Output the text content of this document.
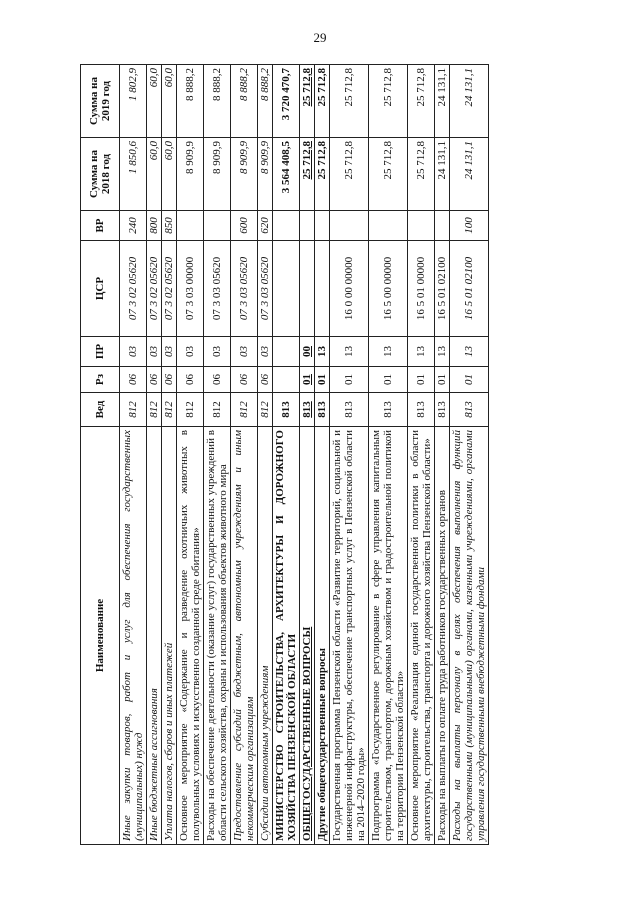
29
Наименование	Вед	Рз	ПР	ЦСР	ВР	Сумма на 2018 год	Сумма на 2019 год
Иные закупки товаров, работ и услуг для обеспечения государственных (муниципальных) нужд	812	06	03	07 3 02 05620	240	1 850,6	1 802,9
Иные бюджетные ассигнования	812	06	03	07 3 02 05620	800	60,0	60,0
Уплата налогов, сборов и иных платежей	812	06	03	07 3 02 05620	850	60,0	60,0
Основное мероприятие «Содержание и разведение охотничьих животных в полувольных условиях и искусственно созданной среде обитания»	812	06	03	07 3 03 00000		8 909,9	8 888,2
Расходы на обеспечение деятельности (оказание услуг) государственных учреждений в области сельского хозяйства, охраны и использования объектов животного мира	812	06	03	07 3 03 05620		8 909,9	8 888,2
Предоставление субсидий бюджетным, автономным учреждениям и иным некоммерческим организациям	812	06	03	07 3 03 05620	600	8 909,9	8 888,2
Субсидии автономным учреждениям	812	06	03	07 3 03 05620	620	8 909,9	8 888,2
МИНИСТЕРСТВО СТРОИТЕЛЬСТВА, АРХИТЕКТУРЫ И ДОРОЖНОГО ХОЗЯЙСТВА ПЕНЗЕНСКОЙ ОБЛАСТИ	813					3 564 408,5	3 720 470,7
ОБЩЕГОСУДАРСТВЕННЫЕ ВОПРОСЫ	813	01	00			25 712,8	25 712,8
Другие общегосударственные вопросы	813	01	13			25 712,8	25 712,8
Государственная программа Пензенской области «Развитие территорий, социальной и инженерной инфраструктуры, обеспечение транспортных услуг в Пензенской области на 2014–2020 годы»	813	01	13	16 0 00 00000		25 712,8	25 712,8
Подпрограмма «Государственное регулирование в сфере управления капитальным строительством, транспортом, дорожным хозяйством и градостроительной политикой на территории Пензенской области»	813	01	13	16 5 00 00000		25 712,8	25 712,8
Основное мероприятие «Реализация единой государственной политики в области архитектуры, строительства, транспорта и дорожного хозяйства Пензенской области»	813	01	13	16 5 01 00000		25 712,8	25 712,8
Расходы на выплаты по оплате труда работников государственных органов	813	01	13	16 5 01 02100		24 131,1	24 131,1
Расходы на выплаты персоналу в целях обеспечения выполнения функций государственными (муниципальными) органами, казенными учреждениями, органами управления государственными внебюджетными фондами	813	01	13	16 5 01 02100	100	24 131,1	24 131,1
